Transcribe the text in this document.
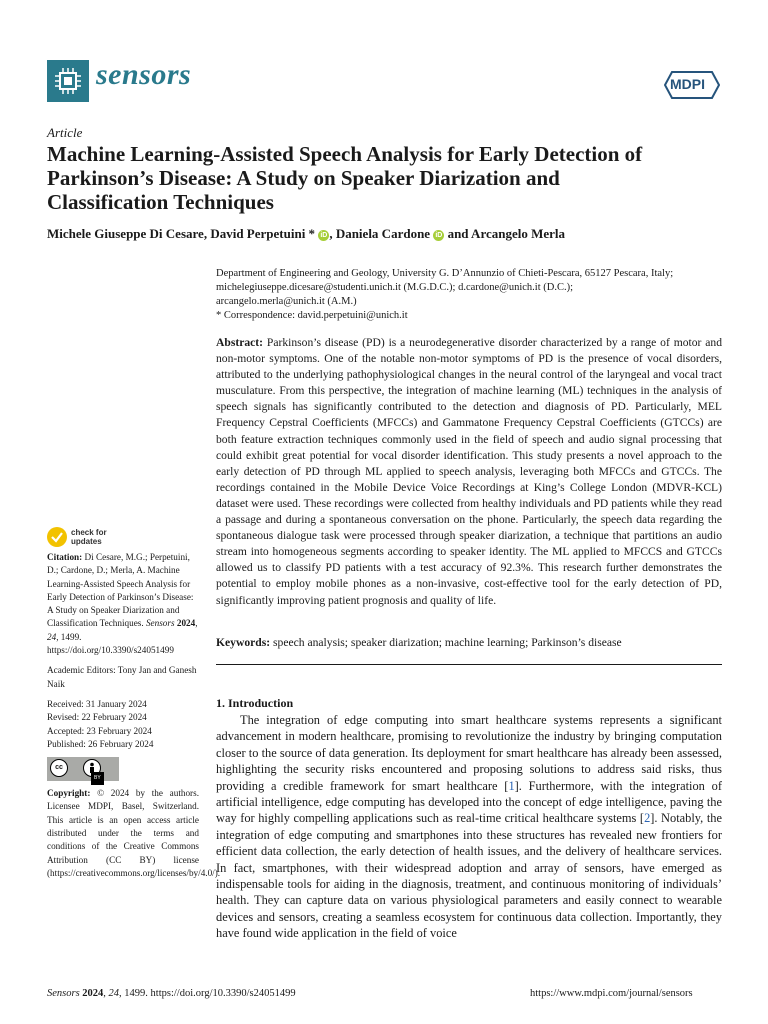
sensors	MDPI
Article
Machine Learning-Assisted Speech Analysis for Early Detection of Parkinson’s Disease: A Study on Speaker Diarization and Classification Techniques
Michele Giuseppe Di Cesare, David Perpetuini * iD , Daniela Cardone iD and Arcangelo Merla
Department of Engineering and Geology, University G. D’Annunzio of Chieti-Pescara, 65127 Pescara, Italy;
michelegiuseppe.dicesare@studenti.unich.it (M.G.D.C.); d.cardone@unich.it (D.C.);
arcangelo.merla@unich.it (A.M.)
* Correspondence: david.perpetuini@unich.it
Abstract: Parkinson’s disease (PD) is a neurodegenerative disorder characterized by a range of motor and non-motor symptoms. One of the notable non-motor symptoms of PD is the presence of vocal disorders, attributed to the underlying pathophysiological changes in the neural control of the laryngeal and vocal tract musculature. From this perspective, the integration of machine learning (ML) techniques in the analysis of speech signals has significantly contributed to the detection and diagnosis of PD. Particularly, MEL Frequency Cepstral Coefficients (MFCCs) and Gammatone Frequency Cepstral Coefficients (GTCCs) are both feature extraction techniques commonly used in the field of speech and audio signal processing that could exhibit great potential for vocal disorder identification. This study presents a novel approach to the early detection of PD through ML applied to speech analysis, leveraging both MFCCs and GTCCs. The recordings contained in the Mobile Device Voice Recordings at King’s College London (MDVR-KCL) dataset were used. These recordings were collected from healthy individuals and PD patients while they read a passage and during a spontaneous conversation on the phone. Particularly, the speech data regarding the spontaneous dialogue task were processed through speaker diarization, a technique that partitions an audio stream into homogeneous segments according to speaker identity. The ML applied to MFCCS and GTCCs allowed us to classify PD patients with a test accuracy of 92.3%. This research further demonstrates the potential to employ mobile phones as a non-invasive, cost-effective tool for the early detection of PD, significantly improving patient prognosis and quality of life.
Keywords: speech analysis; speaker diarization; machine learning; Parkinson’s disease
1. Introduction
The integration of edge computing into smart healthcare systems represents a significant advancement in modern healthcare, promising to revolutionize the industry by bringing computation closer to the source of data generation. Its deployment for smart healthcare has already been assessed, highlighting the security risks encountered and proposing solutions to address said risks, thus providing a credible framework for smart healthcare [1]. Furthermore, with the integration of artificial intelligence, edge computing has developed into the concept of edge intelligence, paving the way for highly compelling applications such as real-time critical healthcare systems [2]. Notably, the integration of edge computing and smartphones into these structures has revealed new frontiers for efficient data collection, the early detection of health issues, and the delivery of healthcare services. In fact, smartphones, with their widespread adoption and array of sensors, have emerged as indispensable tools for aiding in the diagnosis, treatment, and continuous monitoring of individuals’ health. They can capture data on various physiological parameters and easily connect to wearable devices and sensors, creating a seamless ecosystem for continuous data collection. Importantly, they have found wide application in the field of voice
check for
updates

Citation: Di Cesare, M.G.; Perpetuini, D.; Cardone, D.; Merla, A. Machine Learning-Assisted Speech Analysis for Early Detection of Parkinson’s Disease: A Study on Speaker Diarization and Classification Techniques. Sensors 2024, 24, 1499. https://doi.org/10.3390/s24051499

Academic Editors: Tony Jan and Ganesh Naik

Received: 31 January 2024
Revised: 22 February 2024
Accepted: 23 February 2024
Published: 26 February 2024

cc
BY

Copyright: © 2024 by the authors. Licensee MDPI, Basel, Switzerland. This article is an open access article distributed under the terms and conditions of the Creative Commons Attribution (CC BY) license (https://creativecommons.org/licenses/by/4.0/).

Sensors 2024, 24, 1499. https://doi.org/10.3390/s24051499	https://www.mdpi.com/journal/sensors
